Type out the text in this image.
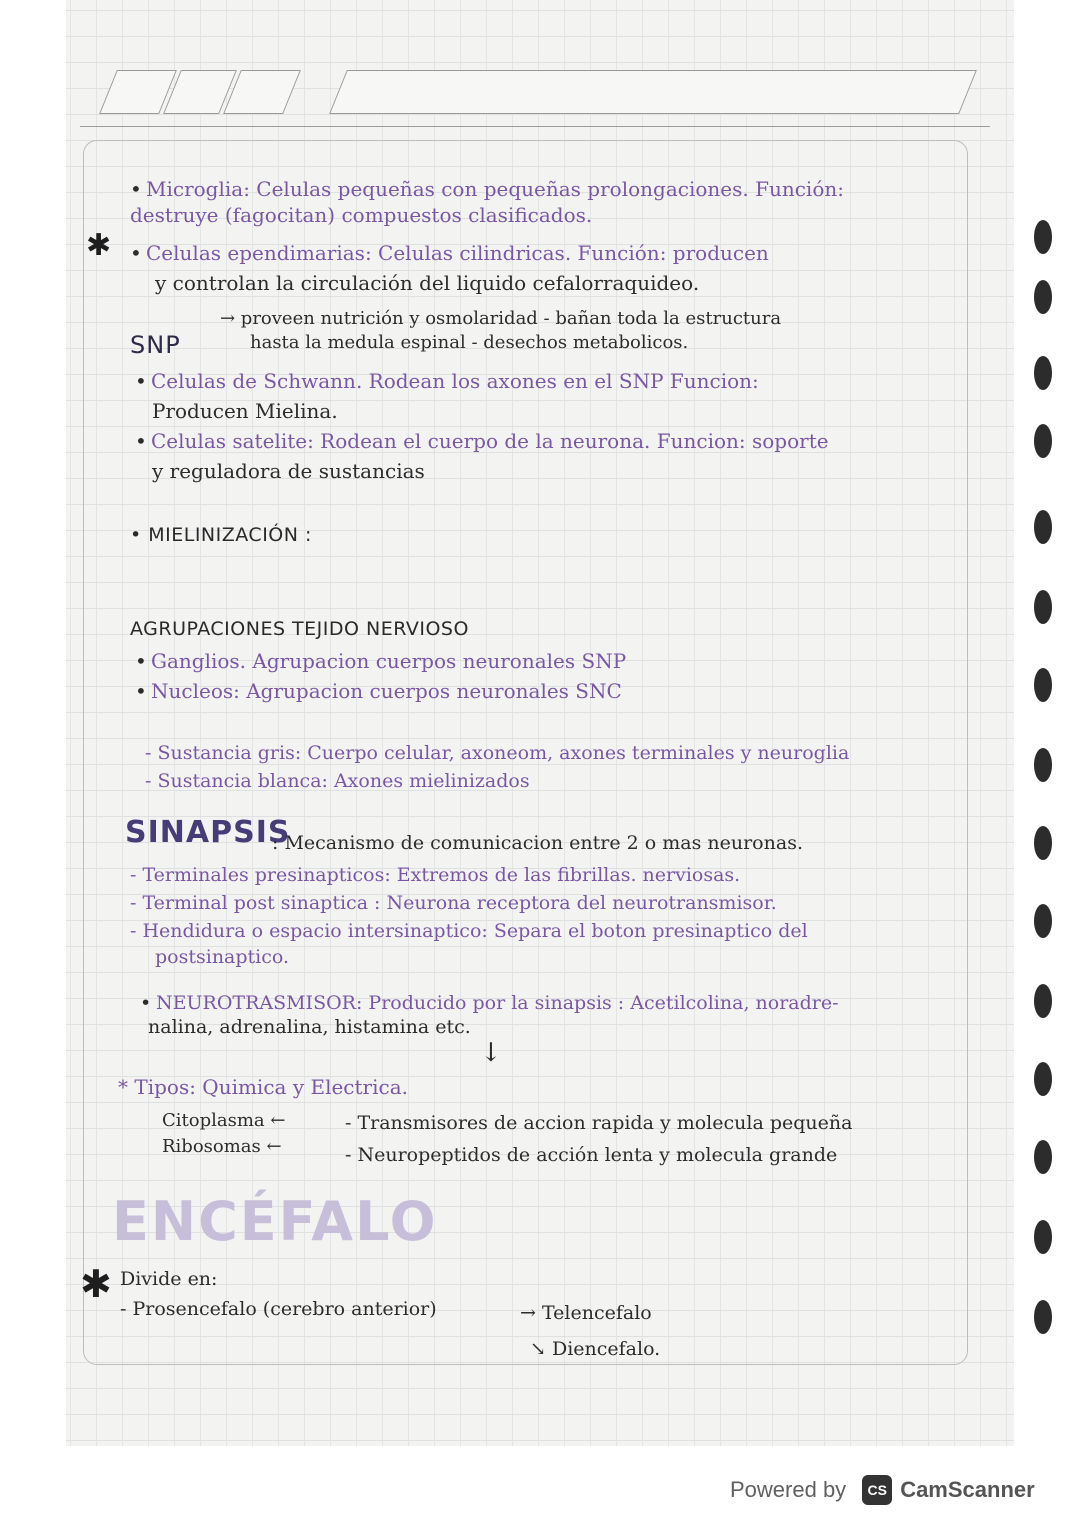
✱
• Microglia: Celulas pequeñas con pequeñas prolongaciones. Función: destruye (fagocitan) compuestos clasificados.
• Celulas ependimarias: Celulas cilindricas. Función: producen
y controlan la circulación del liquido cefalorraquideo.
→ proveen nutrición y osmolaridad - bañan toda la estructura
hasta la medula espinal - desechos metabolicos.
SNP
• Celulas de Schwann. Rodean los axones en el SNP Funcion:
Producen Mielina.
• Celulas satelite: Rodean el cuerpo de la neurona. Funcion: soporte
y reguladora de sustancias
• MIELINIZACIÓN :
AGRUPACIONES TEJIDO NERVIOSO
• Ganglios. Agrupacion cuerpos neuronales SNP
• Nucleos: Agrupacion cuerpos neuronales SNC
- Sustancia gris: Cuerpo celular, axoneom, axones terminales y neuroglia
- Sustancia blanca: Axones mielinizados
SINAPSIS
: Mecanismo de comunicacion entre 2 o mas neuronas.
- Terminales presinapticos: Extremos de las fibrillas. nerviosas.
- Terminal post sinaptica : Neurona receptora del neurotransmisor.
- Hendidura o espacio intersinaptico: Separa el boton presinaptico del
postsinaptico.
• NEUROTRASMISOR: Producido por la sinapsis : Acetilcolina, noradre-
nalina, adrenalina, histamina etc.
↓
* Tipos: Quimica y Electrica.
Citoplasma ←
Ribosomas ←
- Transmisores de accion rapida y molecula pequeña
- Neuropeptidos de acción lenta y molecula grande
ENCÉFALO
✱ Divide en:
- Prosencefalo (cerebro anterior)	→ Telencefalo
↘ Diencefalo.
Powered by	CS CamScanner
